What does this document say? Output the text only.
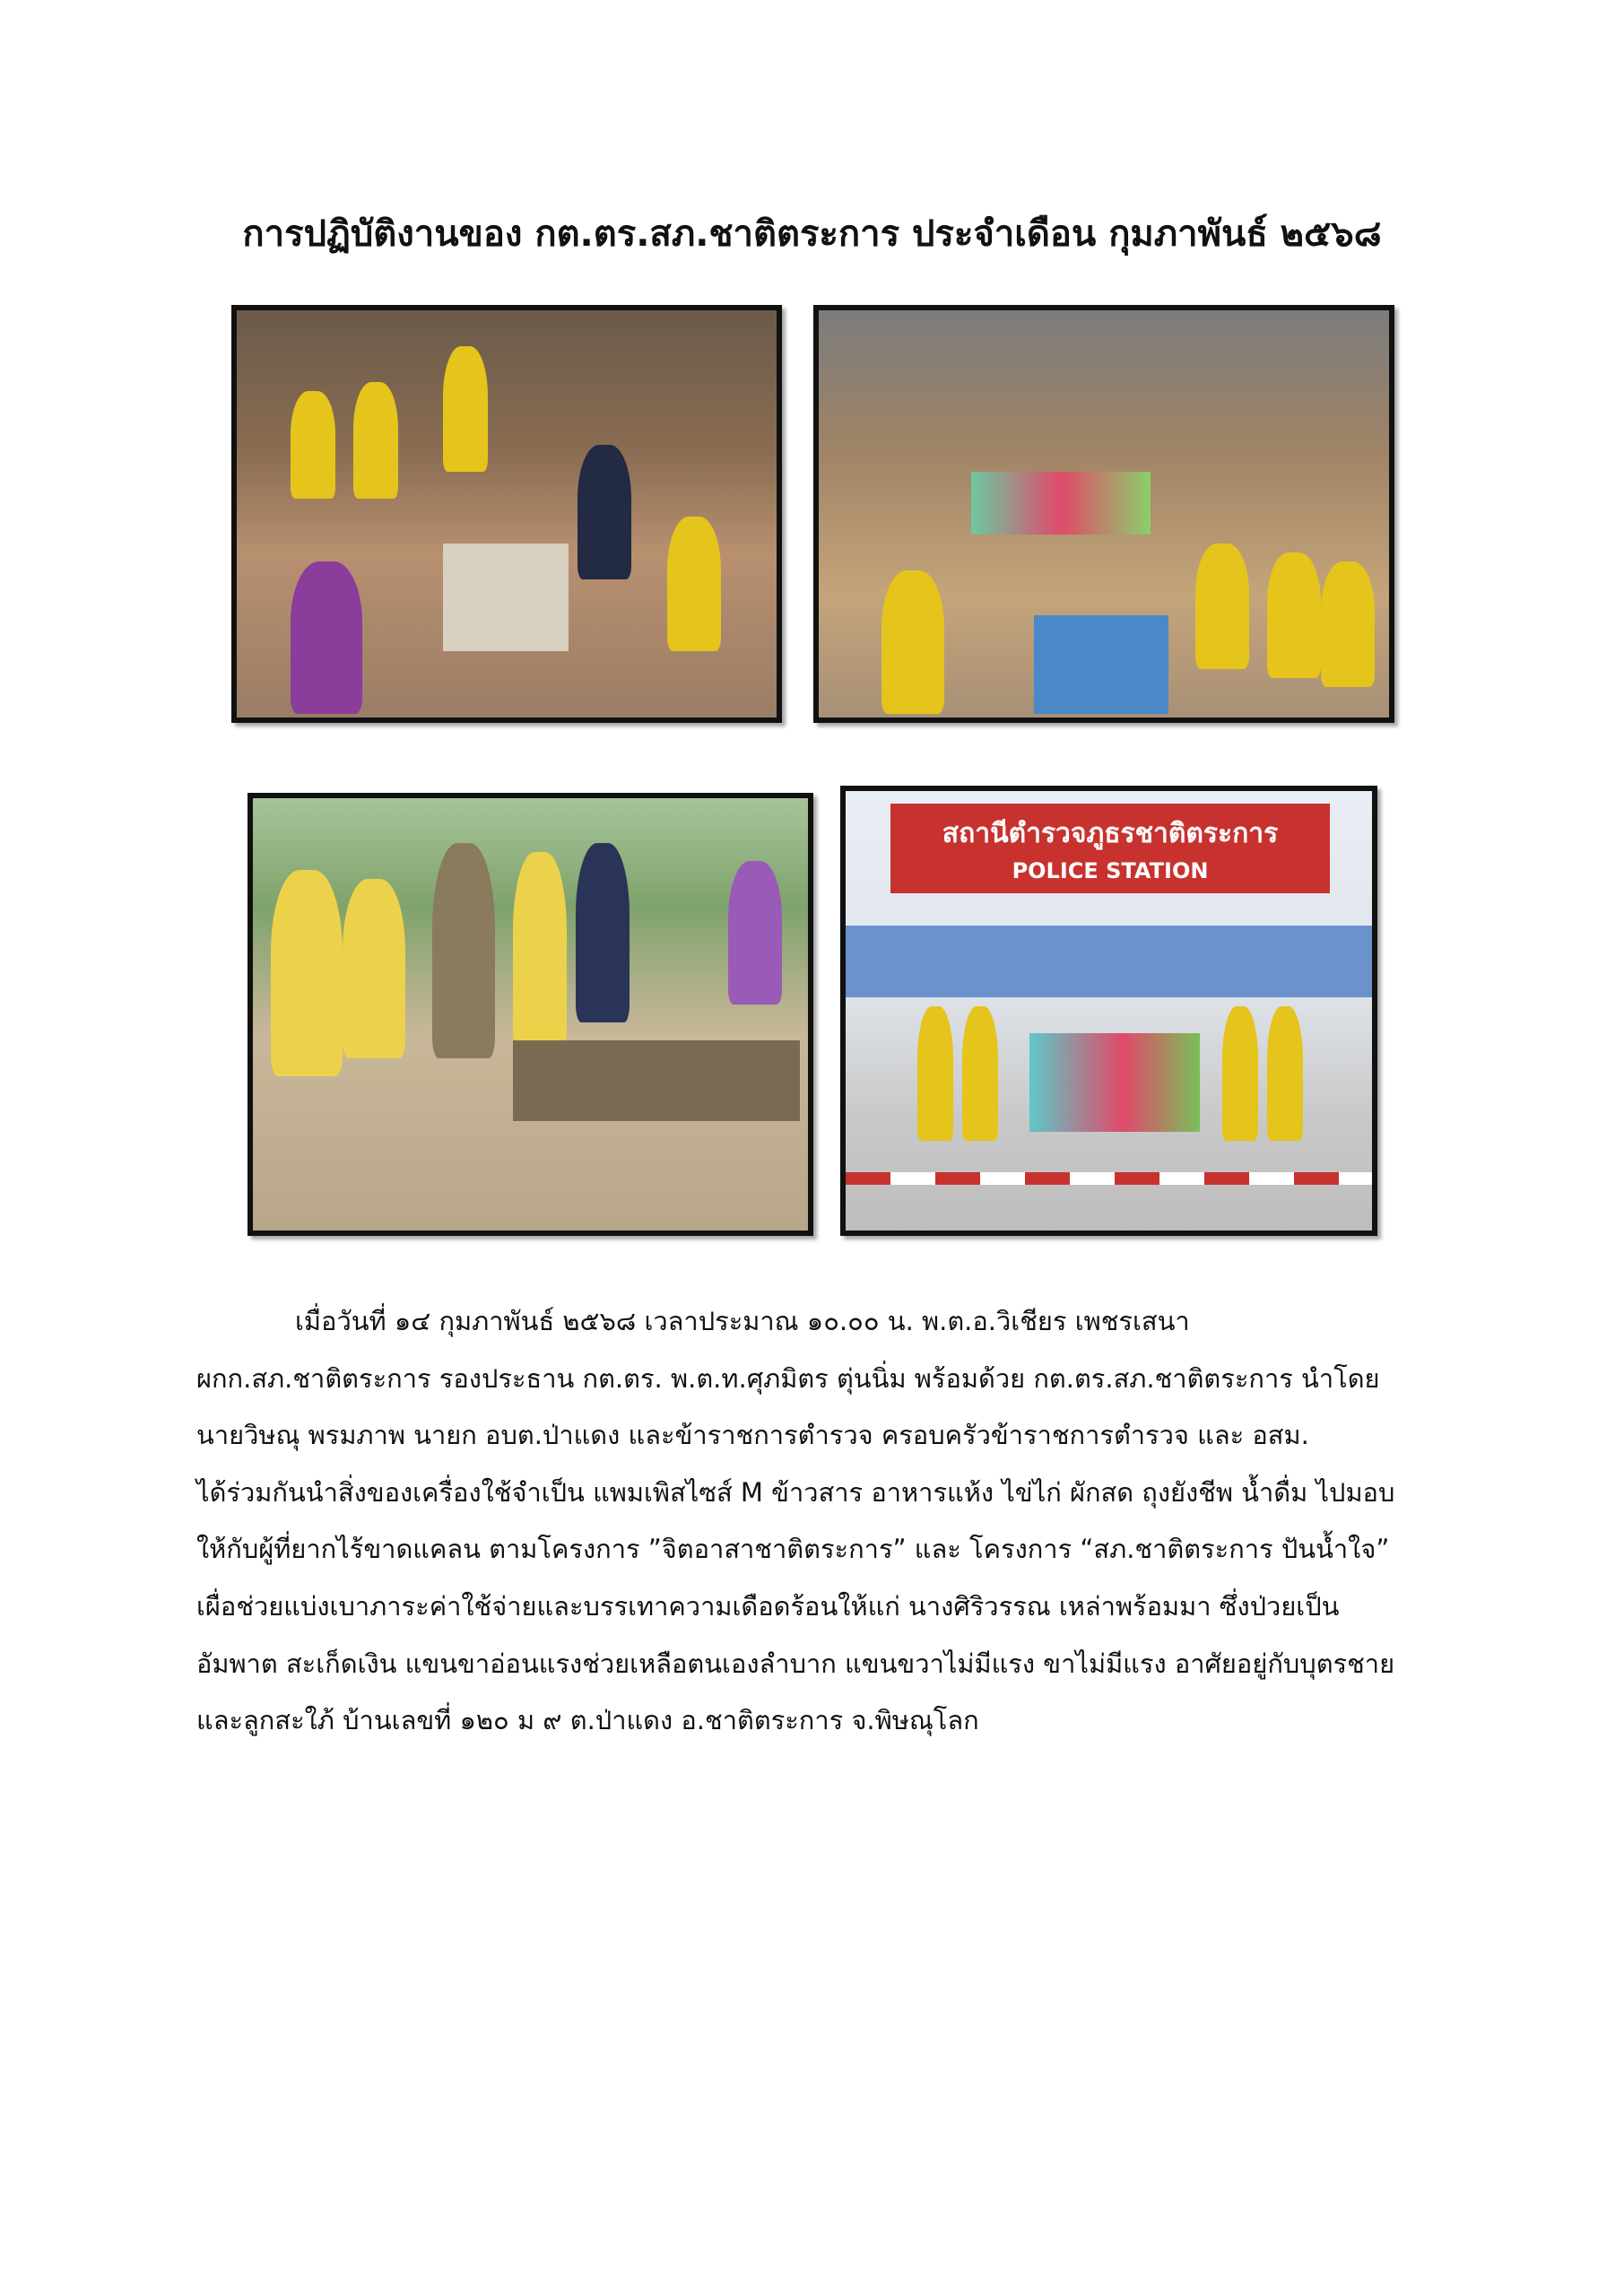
การปฏิบัติงานของ กต.ตร.สภ.ชาติตระการ ประจำเดือน กุมภาพันธ์ ๒๕๖๘
สถานีตำรวจภูธรชาติตระการ
POLICE STATION
เมื่อวันที่ ๑๔ กุมภาพันธ์ ๒๕๖๘ เวลาประมาณ ๑๐.๐๐ น. พ.ต.อ.วิเชียร เพชรเสนา
ผกก.สภ.ชาติตระการ รองประธาน กต.ตร. พ.ต.ท.ศุภมิตร ตุ่นนิ่ม พร้อมด้วย กต.ตร.สภ.ชาติตระการ นำโดย
นายวิษณุ พรมภาพ นายก อบต.ป่าแดง และข้าราชการตำรวจ ครอบครัวข้าราชการตำรวจ และ อสม.
ได้ร่วมกันนำสิ่งของเครื่องใช้จำเป็น แพมเพิสไซส์ M ข้าวสาร อาหารแห้ง ไข่ไก่ ผักสด ถุงยังชีพ น้ำดื่ม ไปมอบ
ให้กับผู้ที่ยากไร้ขาดแคลน ตามโครงการ ”จิตอาสาชาติตระการ” และ โครงการ “สภ.ชาติตระการ ปันน้ำใจ”
เผื่อช่วยแบ่งเบาภาระค่าใช้จ่ายและบรรเทาความเดือดร้อนให้แก่ นางศิริวรรณ เหล่าพร้อมมา ซึ่งป่วยเป็น
อัมพาต สะเก็ดเงิน แขนขาอ่อนแรงช่วยเหลือตนเองลำบาก แขนขวาไม่มีแรง ขาไม่มีแรง อาศัยอยู่กับบุตรชาย
และลูกสะใภ้ บ้านเลขที่ ๑๒๐ ม ๙ ต.ป่าแดง อ.ชาติตระการ จ.พิษณุโลก
